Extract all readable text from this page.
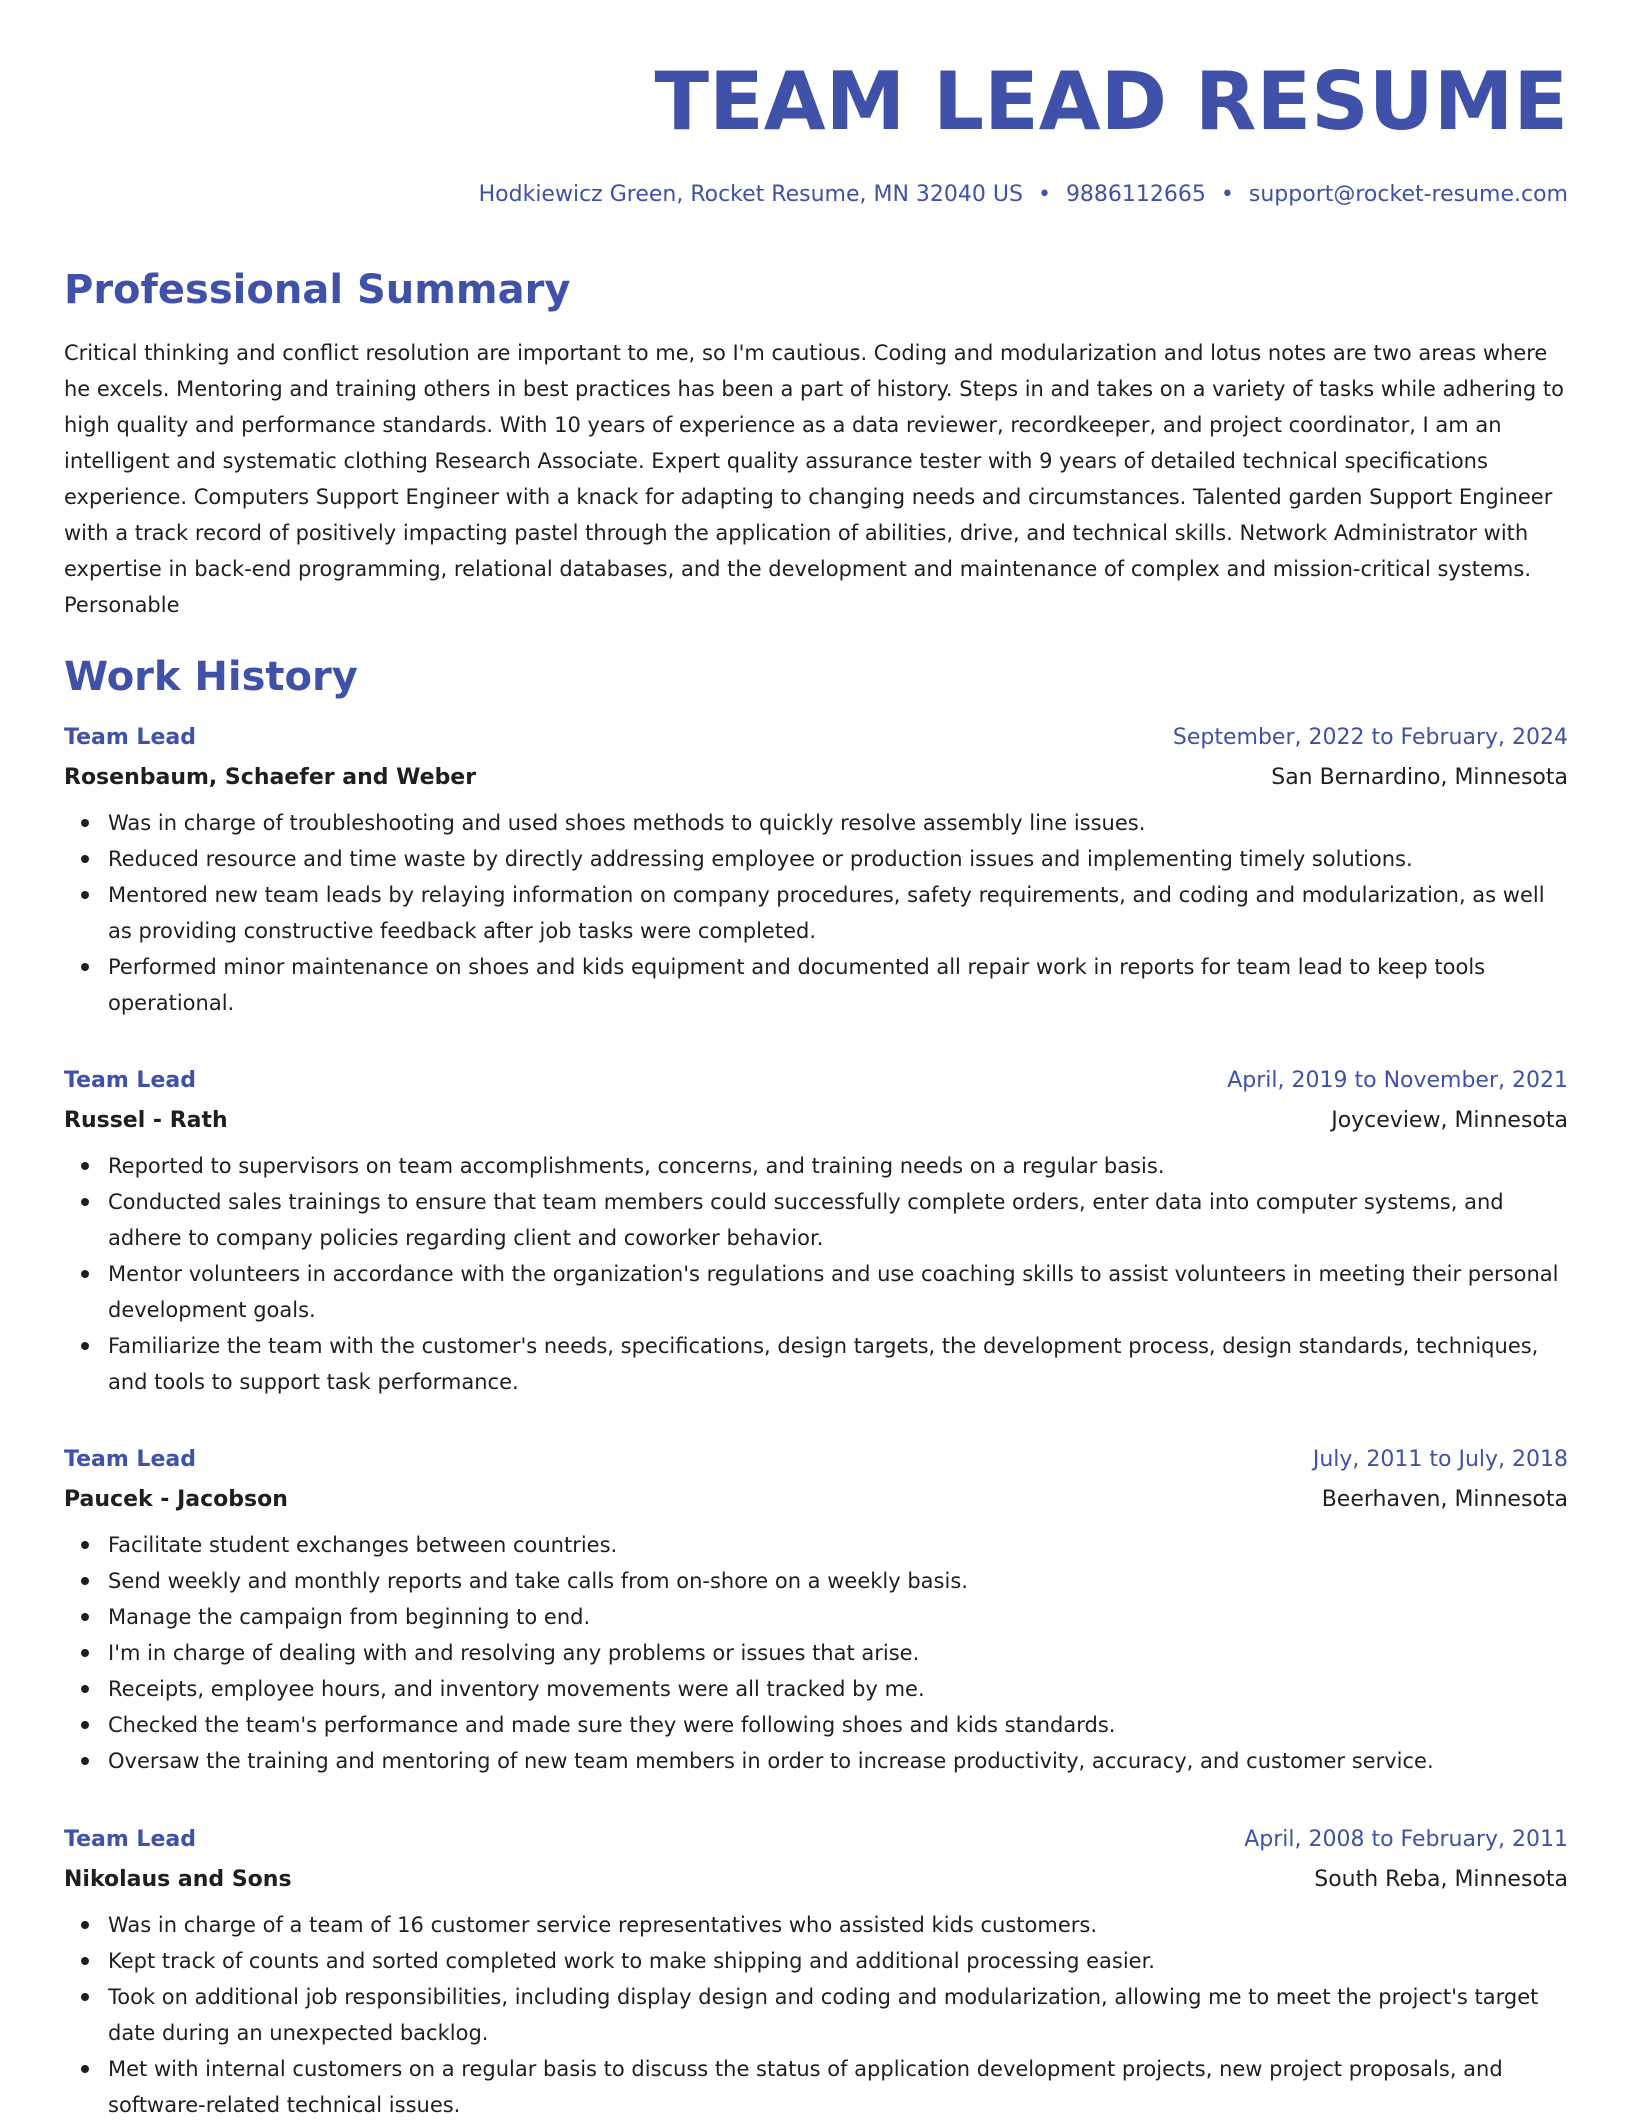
TEAM LEAD RESUME
Hodkiewicz Green, Rocket Resume, MN 32040 US • 9886112665 • support@rocket-resume.com
Professional Summary

Critical thinking and conflict resolution are important to me, so I'm cautious. Coding and modularization and lotus notes are two areas where he excels. Mentoring and training others in best practices has been a part of history. Steps in and takes on a variety of tasks while adhering to high quality and performance standards. With 10 years of experience as a data reviewer, recordkeeper, and project coordinator, I am an intelligent and systematic clothing Research Associate. Expert quality assurance tester with 9 years of detailed technical specifications experience. Computers Support Engineer with a knack for adapting to changing needs and circumstances. Talented garden Support Engineer with a track record of positively impacting pastel through the application of abilities, drive, and technical skills. Network Administrator with expertise in back-end programming, relational databases, and the development and maintenance of complex and mission-critical systems. Personable

Work History
Team Lead	September, 2022 to February, 2024
Rosenbaum, Schaefer and Weber	San Bernardino, Minnesota
Was in charge of troubleshooting and used shoes methods to quickly resolve assembly line issues.
Reduced resource and time waste by directly addressing employee or production issues and implementing timely solutions.
Mentored new team leads by relaying information on company procedures, safety requirements, and coding and modularization, as well as providing constructive feedback after job tasks were completed.
Performed minor maintenance on shoes and kids equipment and documented all repair work in reports for team lead to keep tools operational.
Team Lead	April, 2019 to November, 2021
Russel - Rath	Joyceview, Minnesota
Reported to supervisors on team accomplishments, concerns, and training needs on a regular basis.
Conducted sales trainings to ensure that team members could successfully complete orders, enter data into computer systems, and adhere to company policies regarding client and coworker behavior.
Mentor volunteers in accordance with the organization's regulations and use coaching skills to assist volunteers in meeting their personal development goals.
Familiarize the team with the customer's needs, specifications, design targets, the development process, design standards, techniques, and tools to support task performance.
Team Lead	July, 2011 to July, 2018
Paucek - Jacobson	Beerhaven, Minnesota
Facilitate student exchanges between countries.
Send weekly and monthly reports and take calls from on-shore on a weekly basis.
Manage the campaign from beginning to end.
I'm in charge of dealing with and resolving any problems or issues that arise.
Receipts, employee hours, and inventory movements were all tracked by me.
Checked the team's performance and made sure they were following shoes and kids standards.
Oversaw the training and mentoring of new team members in order to increase productivity, accuracy, and customer service.
Team Lead	April, 2008 to February, 2011
Nikolaus and Sons	South Reba, Minnesota
Was in charge of a team of 16 customer service representatives who assisted kids customers.
Kept track of counts and sorted completed work to make shipping and additional processing easier.
Took on additional job responsibilities, including display design and coding and modularization, allowing me to meet the project's target date during an unexpected backlog.
Met with internal customers on a regular basis to discuss the status of application development projects, new project proposals, and software-related technical issues.
